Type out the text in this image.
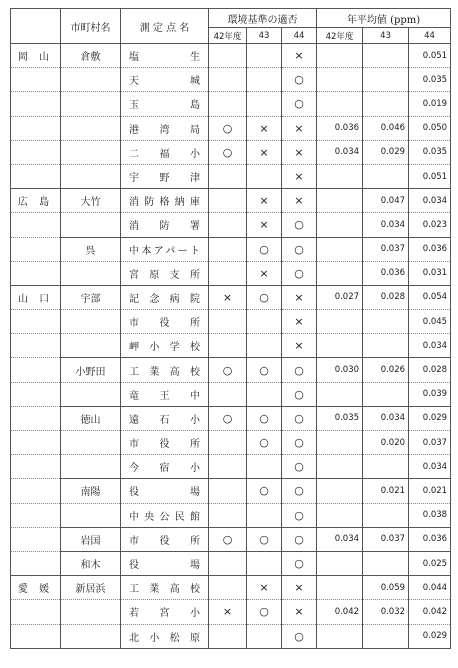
	市町村名	測 定 点 名	環境基準の適否			年平均値 (ppm)		
			42年度	43	44	42年度	43	44
岡 山	倉敷	塩生			×			0.051
		天城			○			0.035
		玉島			○			0.019
		港湾局	○	×	×	0.036	0.046	0.050
		二福小	○	×	×	0.034	0.029	0.035
		宇野津			×			0.051
広 島	大竹	消防格納庫		×	×		0.047	0.034
		消防署		×	○		0.034	0.023
	呉	中本アパート		○	○		0.037	0.036
		宮原支所		×	○		0.036	0.031
山 口	宇部	記念病院	×	○	×	0.027	0.028	0.054
		市役所			×			0.045
		岬小学校			×			0.034
	小野田	工業高校	○	○	○	0.030	0.026	0.028
		竜王中			○			0.039
	徳山	遠石小	○	○	○	0.035	0.034	0.029
		市役所		○	○		0.020	0.037
		今宿小			○			0.034
	南陽	役場		○	○		0.021	0.021
		中央公民館			○			0.038
	岩国	市役所	○	○	○	0.034	0.037	0.036
	和木	役場			○			0.025
愛 媛	新居浜	工業高校		×	×		0.059	0.044
		若宮小	×	○	×	0.042	0.032	0.042
		北小松原			○			0.029
